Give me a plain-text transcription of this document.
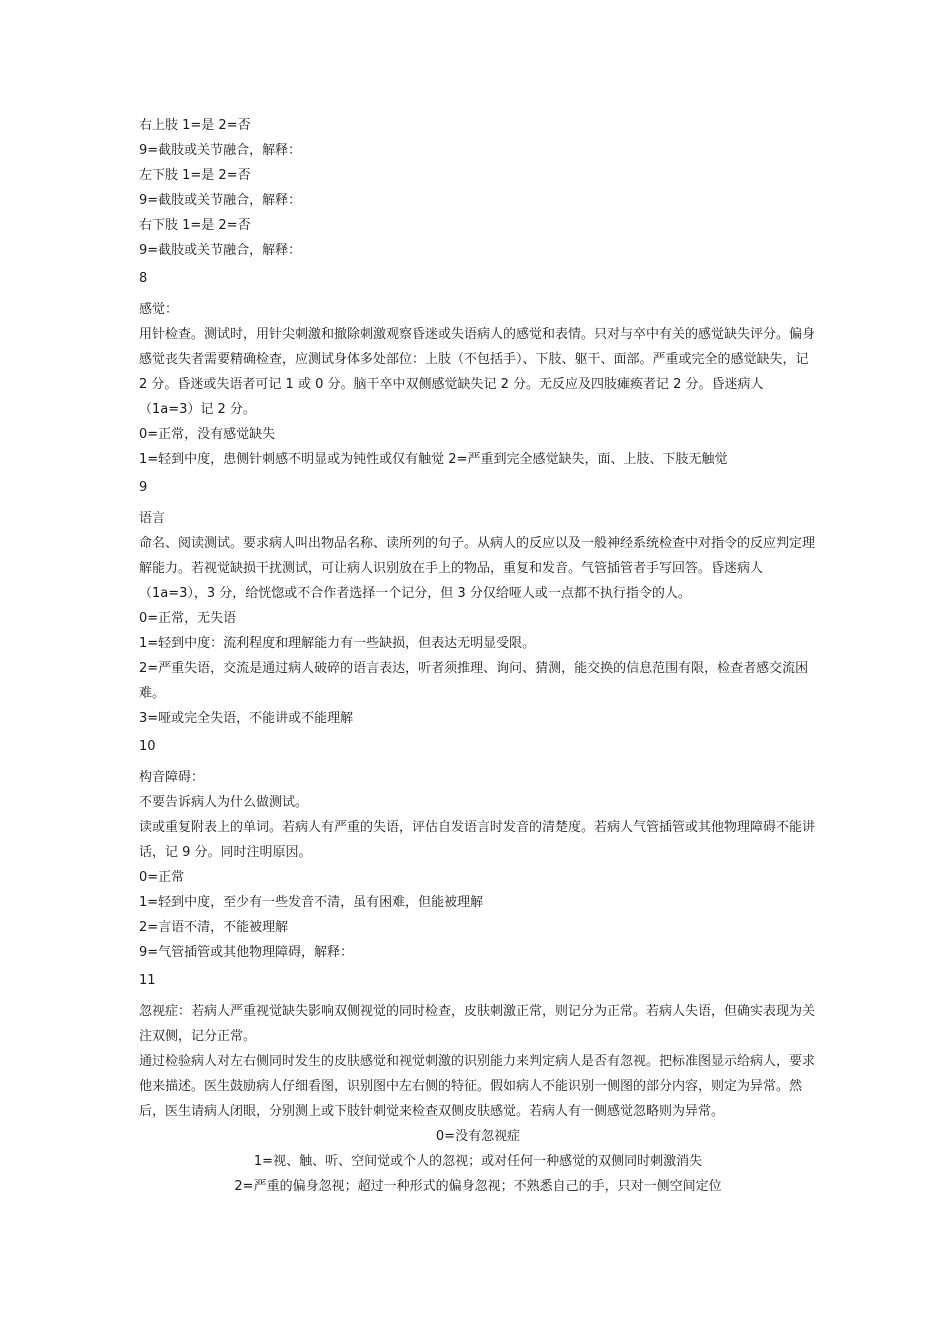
右上肢 1=是 2=否

9=截肢或关节融合，解释：

左下肢 1=是 2=否

9=截肢或关节融合，解释：

右下肢 1=是 2=否

9=截肢或关节融合，解释：

8

感觉：

用针检查。测试时，用针尖刺激和撤除刺激观察昏迷或失语病人的感觉和表情。只对与卒中有关的感觉缺失评分。偏身感觉丧失者需要精确检查，应测试身体多处部位：上肢（不包括手）、下肢、躯干、面部。严重或完全的感觉缺失，记 2 分。昏迷或失语者可记 1 或 0 分。脑干卒中双侧感觉缺失记 2 分。无反应及四肢瘫痪者记 2 分。昏迷病人（1a=3）记 2 分。

0=正常，没有感觉缺失

1=轻到中度，患侧针刺感不明显或为钝性或仅有触觉 2=严重到完全感觉缺失，面、上肢、下肢无触觉

9

语言

命名、阅读测试。要求病人叫出物品名称、读所列的句子。从病人的反应以及一般神经系统检查中对指令的反应判定理解能力。若视觉缺损干扰测试，可让病人识别放在手上的物品，重复和发音。气管插管者手写回答。昏迷病人（1a=3），3 分，给恍惚或不合作者选择一个记分，但 3 分仅给哑人或一点都不执行指令的人。

0=正常，无失语

1=轻到中度：流利程度和理解能力有一些缺损，但表达无明显受限。

2=严重失语，交流是通过病人破碎的语言表达，听者须推理、询问、猜测，能交换的信息范围有限，检查者感交流困难。

3=哑或完全失语，不能讲或不能理解

10

构音障碍：

不要告诉病人为什么做测试。

读或重复附表上的单词。若病人有严重的失语，评估自发语言时发音的清楚度。若病人气管插管或其他物理障碍不能讲话，记 9 分。同时注明原因。

0=正常

1=轻到中度，至少有一些发音不清，虽有困难，但能被理解

2=言语不清，不能被理解

9=气管插管或其他物理障碍，解释：

11

忽视症：若病人严重视觉缺失影响双侧视觉的同时检查，皮肤刺激正常，则记分为正常。若病人失语，但确实表现为关注双侧，记分正常。

通过检验病人对左右侧同时发生的皮肤感觉和视觉刺激的识别能力来判定病人是否有忽视。把标准图显示给病人，要求他来描述。医生鼓励病人仔细看图，识别图中左右侧的特征。假如病人不能识别一侧图的部分内容，则定为异常。然后，医生请病人闭眼，分别测上或下肢针刺觉来检查双侧皮肤感觉。若病人有一侧感觉忽略则为异常。

0=没有忽视症

1=视、触、听、空间觉或个人的忽视；或对任何一种感觉的双侧同时刺激消失

2=严重的偏身忽视；超过一种形式的偏身忽视；不熟悉自己的手，只对一侧空间定位
